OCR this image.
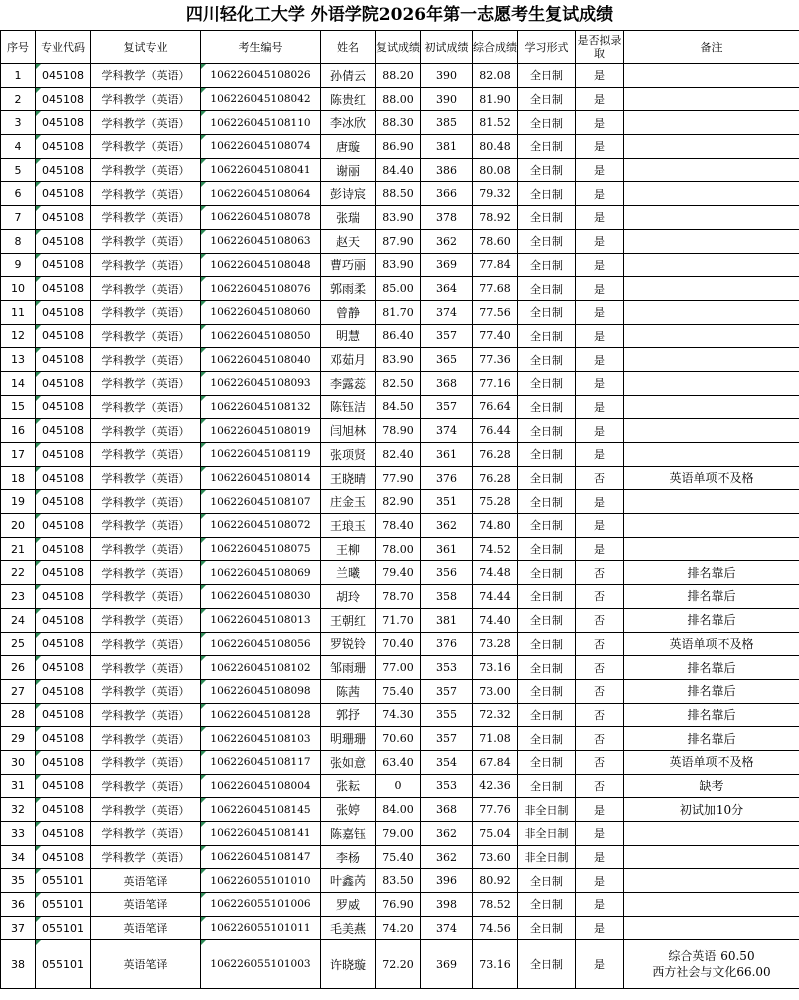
四川轻化工大学 外语学院2026年第一志愿考生复试成绩
序号	专业代码	复试专业	考生编号	姓名	复试成绩	初试成绩	综合成绩	学习形式	是否拟录取	备注
1	045108	学科教学（英语）	106226045108026	孙倩云	88.20	390	82.08	全日制	是	
2	045108	学科教学（英语）	106226045108042	陈贵红	88.00	390	81.90	全日制	是	
3	045108	学科教学（英语）	106226045108110	李冰欣	88.30	385	81.52	全日制	是	
4	045108	学科教学（英语）	106226045108074	唐璇	86.90	381	80.48	全日制	是	
5	045108	学科教学（英语）	106226045108041	谢丽	84.40	386	80.08	全日制	是	
6	045108	学科教学（英语）	106226045108064	彭诗宸	88.50	366	79.32	全日制	是	
7	045108	学科教学（英语）	106226045108078	张瑞	83.90	378	78.92	全日制	是	
8	045108	学科教学（英语）	106226045108063	赵天	87.90	362	78.60	全日制	是	
9	045108	学科教学（英语）	106226045108048	曹巧丽	83.90	369	77.84	全日制	是	
10	045108	学科教学（英语）	106226045108076	郭雨柔	85.00	364	77.68	全日制	是	
11	045108	学科教学（英语）	106226045108060	曾静	81.70	374	77.56	全日制	是	
12	045108	学科教学（英语）	106226045108050	明慧	86.40	357	77.40	全日制	是	
13	045108	学科教学（英语）	106226045108040	邓茹月	83.90	365	77.36	全日制	是	
14	045108	学科教学（英语）	106226045108093	李露蕊	82.50	368	77.16	全日制	是	
15	045108	学科教学（英语）	106226045108132	陈钰洁	84.50	357	76.64	全日制	是	
16	045108	学科教学（英语）	106226045108019	闫旭林	78.90	374	76.44	全日制	是	
17	045108	学科教学（英语）	106226045108119	张项贤	82.40	361	76.28	全日制	是	
18	045108	学科教学（英语）	106226045108014	王晓晴	77.90	376	76.28	全日制	否	英语单项不及格
19	045108	学科教学（英语）	106226045108107	庄金玉	82.90	351	75.28	全日制	是	
20	045108	学科教学（英语）	106226045108072	王琅玉	78.40	362	74.80	全日制	是	
21	045108	学科教学（英语）	106226045108075	王柳	78.00	361	74.52	全日制	是	
22	045108	学科教学（英语）	106226045108069	兰曦	79.40	356	74.48	全日制	否	排名靠后
23	045108	学科教学（英语）	106226045108030	胡玲	78.70	358	74.44	全日制	否	排名靠后
24	045108	学科教学（英语）	106226045108013	王朝红	71.70	381	74.40	全日制	否	排名靠后
25	045108	学科教学（英语）	106226045108056	罗锐铃	70.40	376	73.28	全日制	否	英语单项不及格
26	045108	学科教学（英语）	106226045108102	邹雨珊	77.00	353	73.16	全日制	否	排名靠后
27	045108	学科教学（英语）	106226045108098	陈茜	75.40	357	73.00	全日制	否	排名靠后
28	045108	学科教学（英语）	106226045108128	郭抒	74.30	355	72.32	全日制	否	排名靠后
29	045108	学科教学（英语）	106226045108103	明珊珊	70.60	357	71.08	全日制	否	排名靠后
30	045108	学科教学（英语）	106226045108117	张如意	63.40	354	67.84	全日制	否	英语单项不及格
31	045108	学科教学（英语）	106226045108004	张耘	0	353	42.36	全日制	否	缺考
32	045108	学科教学（英语）	106226045108145	张婷	84.00	368	77.76	非全日制	是	初试加10分
33	045108	学科教学（英语）	106226045108141	陈嘉钰	79.00	362	75.04	非全日制	是	
34	045108	学科教学（英语）	106226045108147	李杨	75.40	362	73.60	非全日制	是	
35	055101	英语笔译	106226055101010	叶鑫芮	83.50	396	80.92	全日制	是	
36	055101	英语笔译	106226055101006	罗威	76.90	398	78.52	全日制	是	
37	055101	英语笔译	106226055101011	毛美燕	74.20	374	74.56	全日制	是	
38	055101	英语笔译	106226055101003	许晓璇	72.20	369	73.16	全日制	是	综合英语 60.50
西方社会与文化66.00
